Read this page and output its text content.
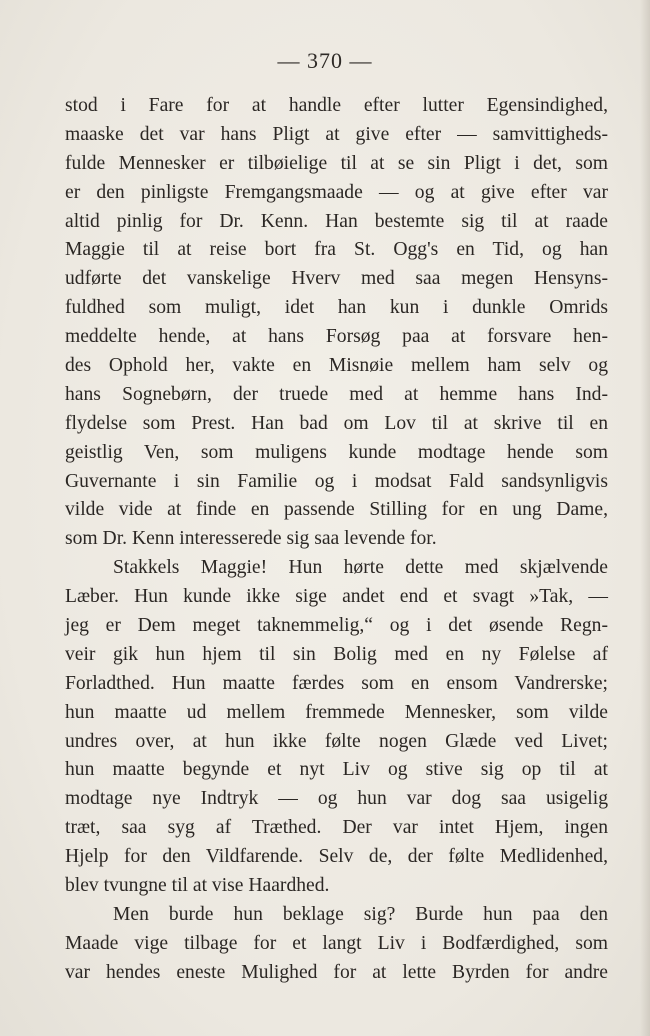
— 370 —
stod i Fare for at handle efter lutter Egensindighed,
maaske det var hans Pligt at give efter — samvittigheds-
fulde Mennesker er tilbøielige til at se sin Pligt i det, som
er den pinligste Fremgangsmaade — og at give efter var
altid pinlig for Dr. Kenn. Han bestemte sig til at raade
Maggie til at reise bort fra St. Ogg's en Tid, og han
udførte det vanskelige Hverv med saa megen Hensyns-
fuldhed som muligt, idet han kun i dunkle Omrids
meddelte hende, at hans Forsøg paa at forsvare hen-
des Ophold her, vakte en Misnøie mellem ham selv og
hans Sognebørn, der truede med at hemme hans Ind-
flydelse som Prest. Han bad om Lov til at skrive til en
geistlig Ven, som muligens kunde modtage hende som
Guvernante i sin Familie og i modsat Fald sandsynligvis
vilde vide at finde en passende Stilling for en ung Dame,
som Dr. Kenn interesserede sig saa levende for.
Stakkels Maggie! Hun hørte dette med skjælvende
Læber. Hun kunde ikke sige andet end et svagt »Tak, —
jeg er Dem meget taknemmelig,“ og i det øsende Regn-
veir gik hun hjem til sin Bolig med en ny Følelse af
Forladthed. Hun maatte færdes som en ensom Vandrerske;
hun maatte ud mellem fremmede Mennesker, som vilde
undres over, at hun ikke følte nogen Glæde ved Livet;
hun maatte begynde et nyt Liv og stive sig op til at
modtage nye Indtryk — og hun var dog saa usigelig
træt, saa syg af Træthed. Der var intet Hjem, ingen
Hjelp for den Vildfarende. Selv de, der følte Medlidenhed,
blev tvungne til at vise Haardhed.
Men burde hun beklage sig? Burde hun paa den
Maade vige tilbage for et langt Liv i Bodfærdighed, som
var hendes eneste Mulighed for at lette Byrden for andre
